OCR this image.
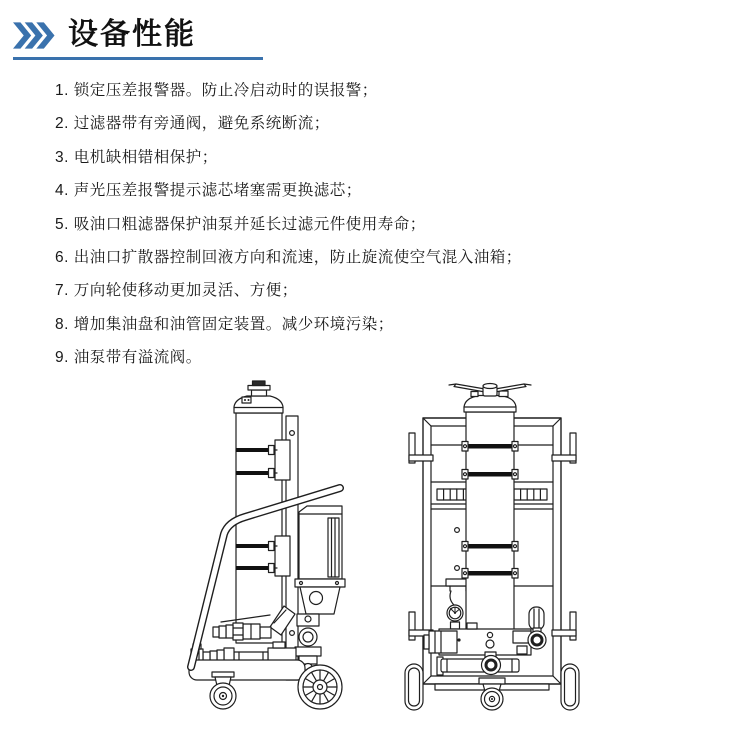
设备性能
1. 锁定压差报警器。防止冷启动时的误报警；
2. 过滤器带有旁通阀，避免系统断流；
3. 电机缺相错相保护；
4. 声光压差报警提示滤芯堵塞需更换滤芯；
5. 吸油口粗滤器保护油泵并延长过滤元件使用寿命；
6. 出油口扩散器控制回液方向和流速，防止旋流使空气混入油箱；
7. 万向轮使移动更加灵活、方便；
8. 增加集油盘和油管固定装置。减少环境污染；
9. 油泵带有溢流阀。
